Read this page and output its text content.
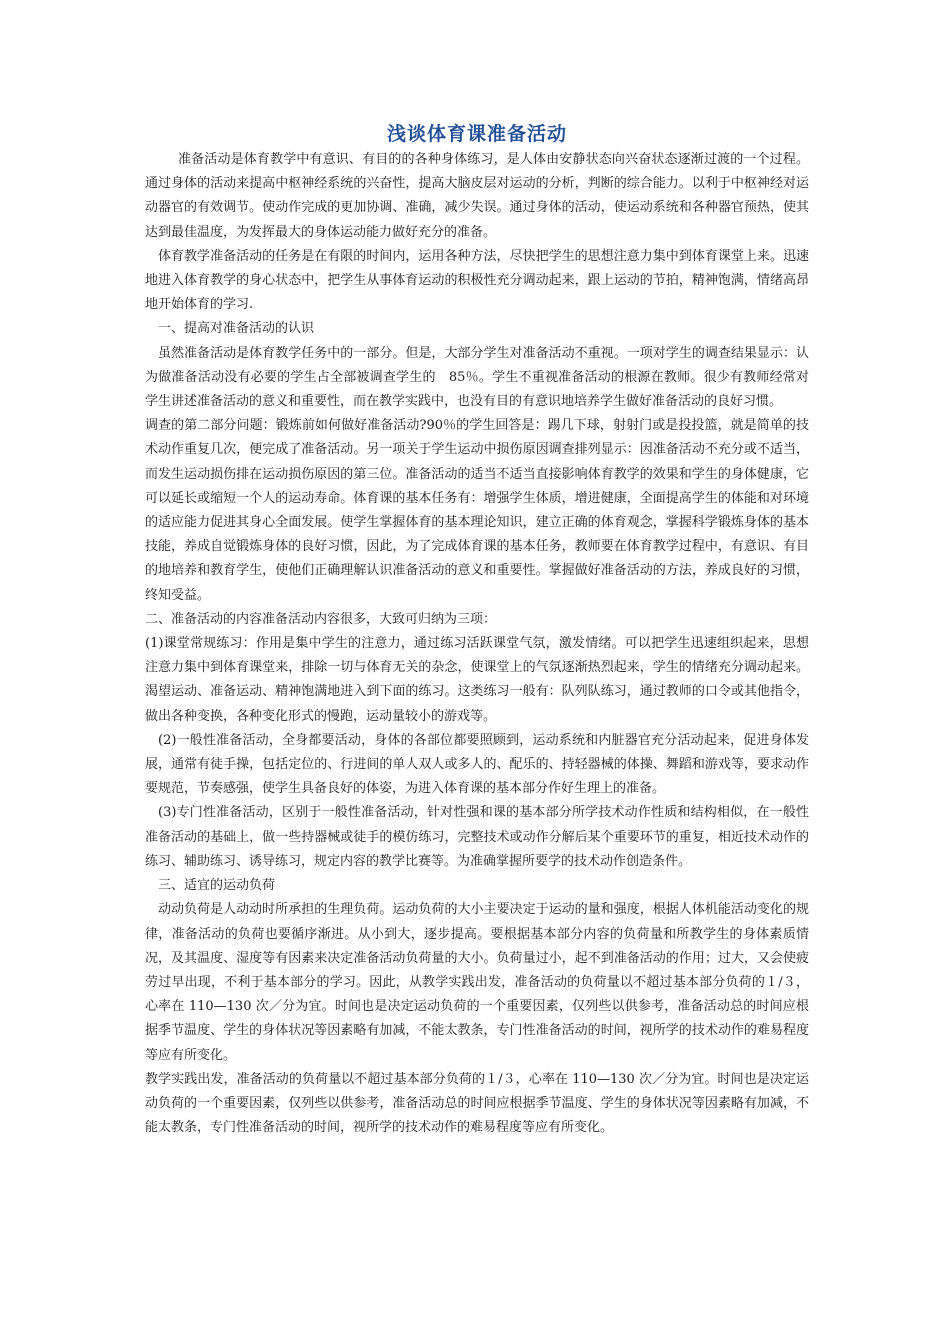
浅谈体育课准备活动

准备活动是体育教学中有意识、有目的的各种身体练习，是人体由安静状态向兴奋状态逐渐过渡的一个过程。通过身体的活动来提高中枢神经系统的兴奋性，提高大脑皮层对运动的分析，判断的综合能力。以利于中枢神经对运动器官的有效调节。使动作完成的更加协调、准确，减少失误。通过身体的活动，使运动系统和各种器官预热，使其达到最佳温度，为发挥最大的身体运动能力做好充分的准备。

体育教学准备活动的任务是在有限的时间内，运用各种方法，尽快把学生的思想注意力集中到体育课堂上来。迅速地进入体育教学的身心状态中，把学生从事体育运动的积极性充分调动起来，跟上运动的节拍，精神饱满，情绪高昂地开始体育的学习.

一、提高对准备活动的认识

虽然准备活动是体育教学任务中的一部分。但是，大部分学生对准备活动不重视。一项对学生的调查结果显示：认为做准备活动没有必要的学生占全部被调查学生的　85％。学生不重视准备活动的根源在教师。很少有教师经常对学生讲述准备活动的意义和重要性，而在教学实践中，也没有目的有意识地培养学生做好准备活动的良好习惯。

调查的第二部分问题：锻炼前如何做好准备活动?90％的学生回答是：踢几下球，射射门或是投投篮，就是简单的技术动作重复几次，便完成了准备活动。另一项关于学生运动中损伤原因调查排列显示：因准备活动不充分或不适当，而发生运动损伤排在运动损伤原因的第三位。准备活动的适当不适当直接影响体育教学的效果和学生的身体健康，它可以延长或缩短一个人的运动寿命。体育课的基本任务有：增强学生体质，增进健康，全面提高学生的体能和对环境的适应能力促进其身心全面发展。使学生掌握体育的基本理论知识，建立正确的体育观念，掌握科学锻炼身体的基本技能，养成自觉锻炼身体的良好习惯，因此，为了完成体育课的基本任务，教师要在体育教学过程中，有意识、有目的地培养和教育学生，使他们正确理解认识准备活动的意义和重要性。掌握做好准备活动的方法，养成良好的习惯，终知受益。

二、准备活动的内容准备活动内容很多，大致可归纳为三项：

(1)课堂常规练习：作用是集中学生的注意力，通过练习活跃课堂气氛，激发情绪。可以把学生迅速组织起来，思想注意力集中到体育课堂来，排除一切与体育无关的杂念，使课堂上的气氛逐渐热烈起来，学生的情绪充分调动起来。渴望运动、准备运动、精神饱满地进入到下面的练习。这类练习一般有：队列队练习，通过教师的口令或其他指令，做出各种变换，各种变化形式的慢跑，运动量较小的游戏等。

(2)一般性准备活动，全身都要活动，身体的各部位都要照顾到，运动系统和内脏器官充分活动起来，促进身体发展，通常有徒手操，包括定位的、行进间的单人双人或多人的、配乐的、持轻器械的体操、舞蹈和游戏等，要求动作要规范，节奏感强，使学生具备良好的体姿，为进入体育课的基本部分作好生理上的准备。

(3)专门性准备活动，区别于一般性准备活动，针对性强和课的基本部分所学技术动作性质和结构相似，在一般性准备活动的基础上，做一些持器械或徒手的模仿练习，完整技术或动作分解后某个重要环节的重复，相近技术动作的练习、辅助练习、诱导练习，规定内容的教学比赛等。为准确掌握所要学的技术动作创造条件。

三、适宜的运动负荷

动动负荷是人动动时所承担的生理负荷。运动负荷的大小主要决定于运动的量和强度，根据人体机能活动变化的规律，准备活动的负荷也要循序渐进。从小到大，逐步提高。要根据基本部分内容的负荷量和所教学生的身体素质情况，及其温度、湿度等有因素来决定准备活动负荷量的大小。负荷量过小，起不到准备活动的作用；过大，又会使疲劳过早出现，不利于基本部分的学习。因此，从教学实践出发，准备活动的负荷量以不超过基本部分负荷的１/３，心率在 110—130 次／分为宜。时间也是决定运动负荷的一个重要因素，仅列些以供参考，准备活动总的时间应根据季节温度、学生的身体状况等因素略有加减，不能太教条，专门性准备活动的时间，视所学的技术动作的难易程度等应有所变化。

教学实践出发，准备活动的负荷量以不超过基本部分负荷的１/３，心率在 110—130 次／分为宜。时间也是决定运动负荷的一个重要因素，仅列些以供参考，准备活动总的时间应根据季节温度、学生的身体状况等因素略有加减，不能太教条，专门性准备活动的时间，视所学的技术动作的难易程度等应有所变化。
